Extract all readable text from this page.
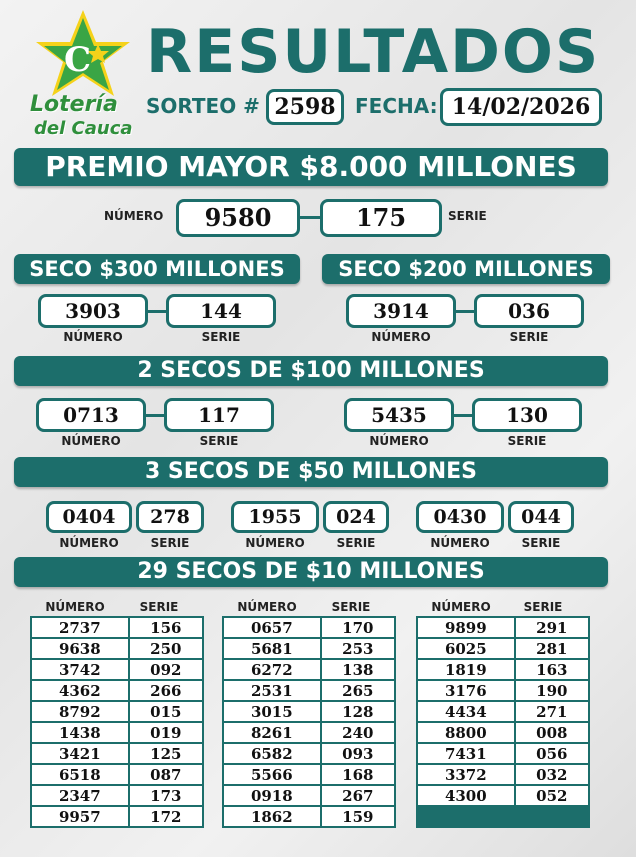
C
Lotería
del Cauca
RESULTADOS
SORTEO # 2598 FECHA: 14/02/2026
PREMIO MAYOR $8.000 MILLONES
NÚMERO	9580	175	SERIE
SECO $300 MILLONES	SECO $200 MILLONES
3903	144
NÚMERO	SERIE
3914	036
NÚMERO	SERIE
2 SECOS DE $100 MILLONES
0713	117
NÚMERO	SERIE
5435	130
NÚMERO	SERIE
3 SECOS DE $50 MILLONES
0404	278
NÚMERO	SERIE
1955	024
NÚMERO	SERIE
0430	044
NÚMERO	SERIE
29 SECOS DE $10 MILLONES
NÚMERO	SERIE	NÚMERO	SERIE	NÚMERO	SERIE
2737	156
9638	250
3742	092
4362	266
8792	015
1438	019
3421	125
6518	087
2347	173
9957	172
0657	170
5681	253
6272	138
2531	265
3015	128
8261	240
6582	093
5566	168
0918	267
1862	159
9899	291
6025	281
1819	163
3176	190
4434	271
8800	008
7431	056
3372	032
4300	052
